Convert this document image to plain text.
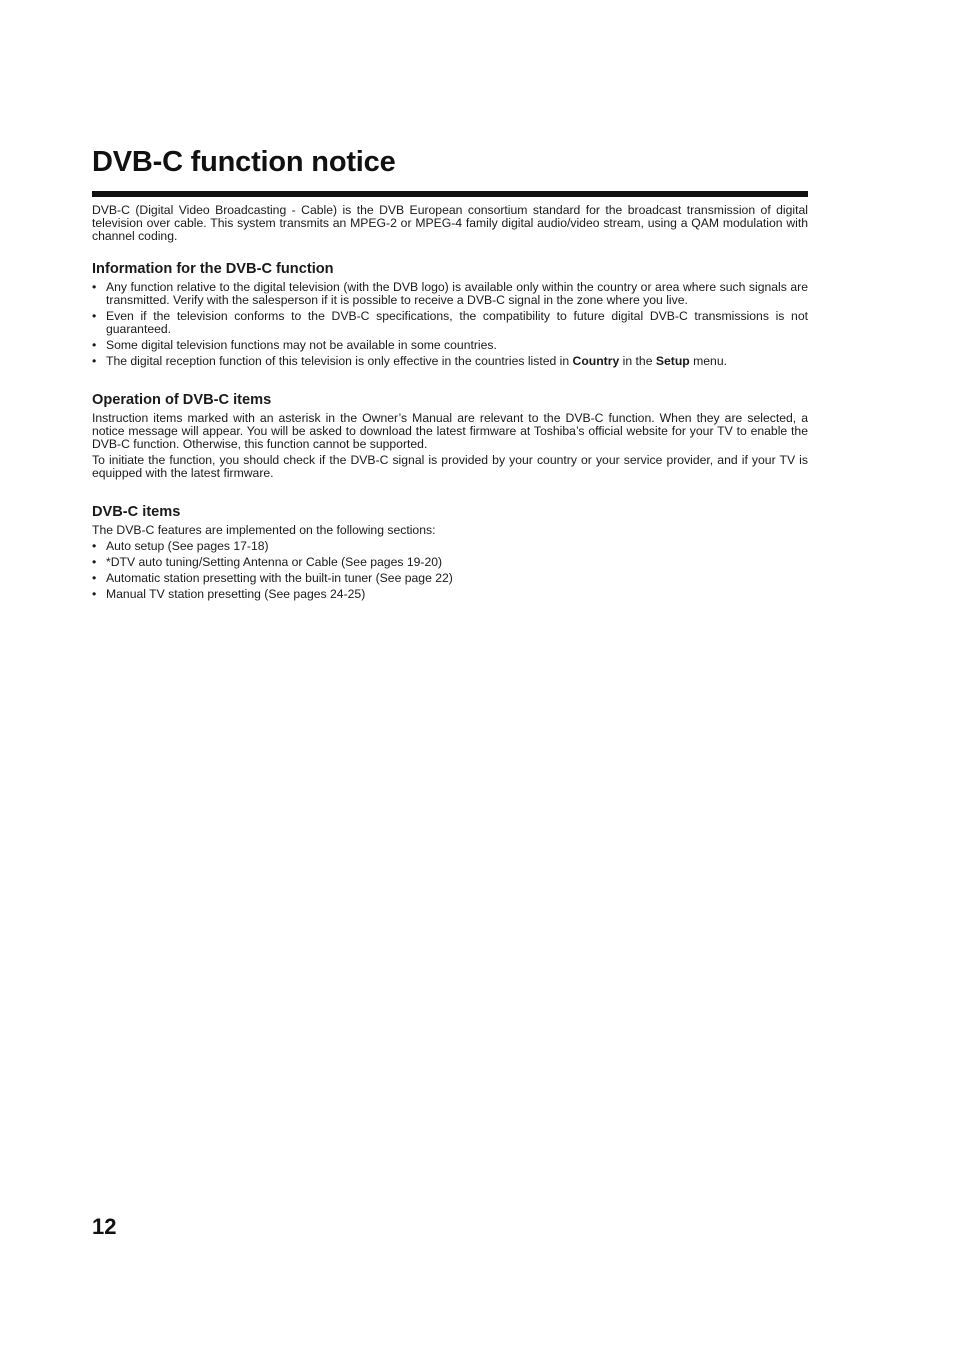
DVB-C function notice

DVB-C (Digital Video Broadcasting - Cable) is the DVB European consortium standard for the broadcast transmission of digital television over cable. This system transmits an MPEG-2 or MPEG-4 family digital audio/video stream, using a QAM modulation with channel coding.

Information for the DVB-C function
• Any function relative to the digital television (with the DVB logo) is available only within the country or area where such signals are transmitted. Verify with the salesperson if it is possible to receive a DVB-C signal in the zone where you live.
• Even if the television conforms to the DVB-C specifications, the compatibility to future digital DVB-C transmissions is not guaranteed.
• Some digital television functions may not be available in some countries.
• The digital reception function of this television is only effective in the countries listed in Country in the Setup menu.
Operation of DVB-C items

Instruction items marked with an asterisk in the Owner’s Manual are relevant to the DVB-C function. When they are selected, a notice message will appear. You will be asked to download the latest firmware at Toshiba’s official website for your TV to enable the DVB-C function. Otherwise, this function cannot be supported.

To initiate the function, you should check if the DVB-C signal is provided by your country or your service provider, and if your TV is equipped with the latest firmware.

DVB-C items

The DVB-C features are implemented on the following sections:

• Auto setup (See pages 17-18)
• *DTV auto tuning/Setting Antenna or Cable (See pages 19-20)
• Automatic station presetting with the built-in tuner (See page 22)
• Manual TV station presetting (See pages 24-25)
12
